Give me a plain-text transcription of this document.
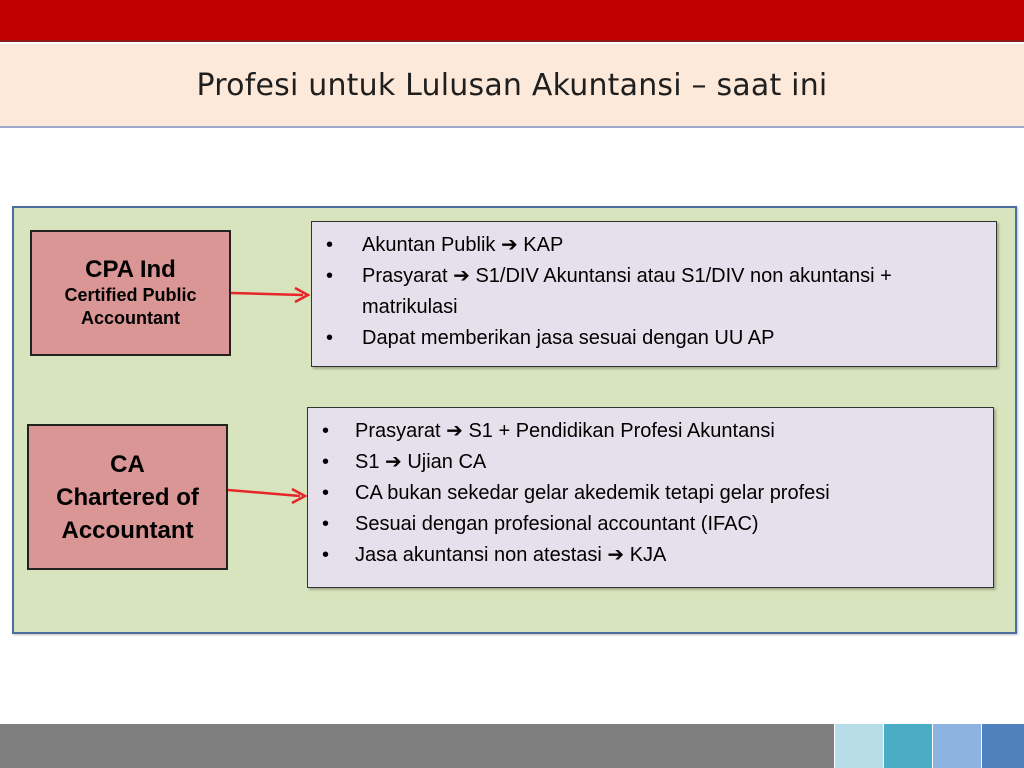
Profesi untuk Lulusan Akuntansi – saat ini
CPA Ind
Certified Public Accountant
• Akuntan Publik ➔ KAP
• Prasyarat ➔ S1/DIV Akuntansi atau S1/DIV non akuntansi + matrikulasi
• Dapat memberikan jasa sesuai dengan UU AP
CA
Chartered of Accountant
• Prasyarat ➔ S1 + Pendidikan Profesi Akuntansi
• S1 ➔ Ujian CA
• CA bukan sekedar gelar akedemik tetapi gelar profesi
• Sesuai dengan profesional accountant (IFAC)
• Jasa akuntansi non atestasi ➔ KJA
